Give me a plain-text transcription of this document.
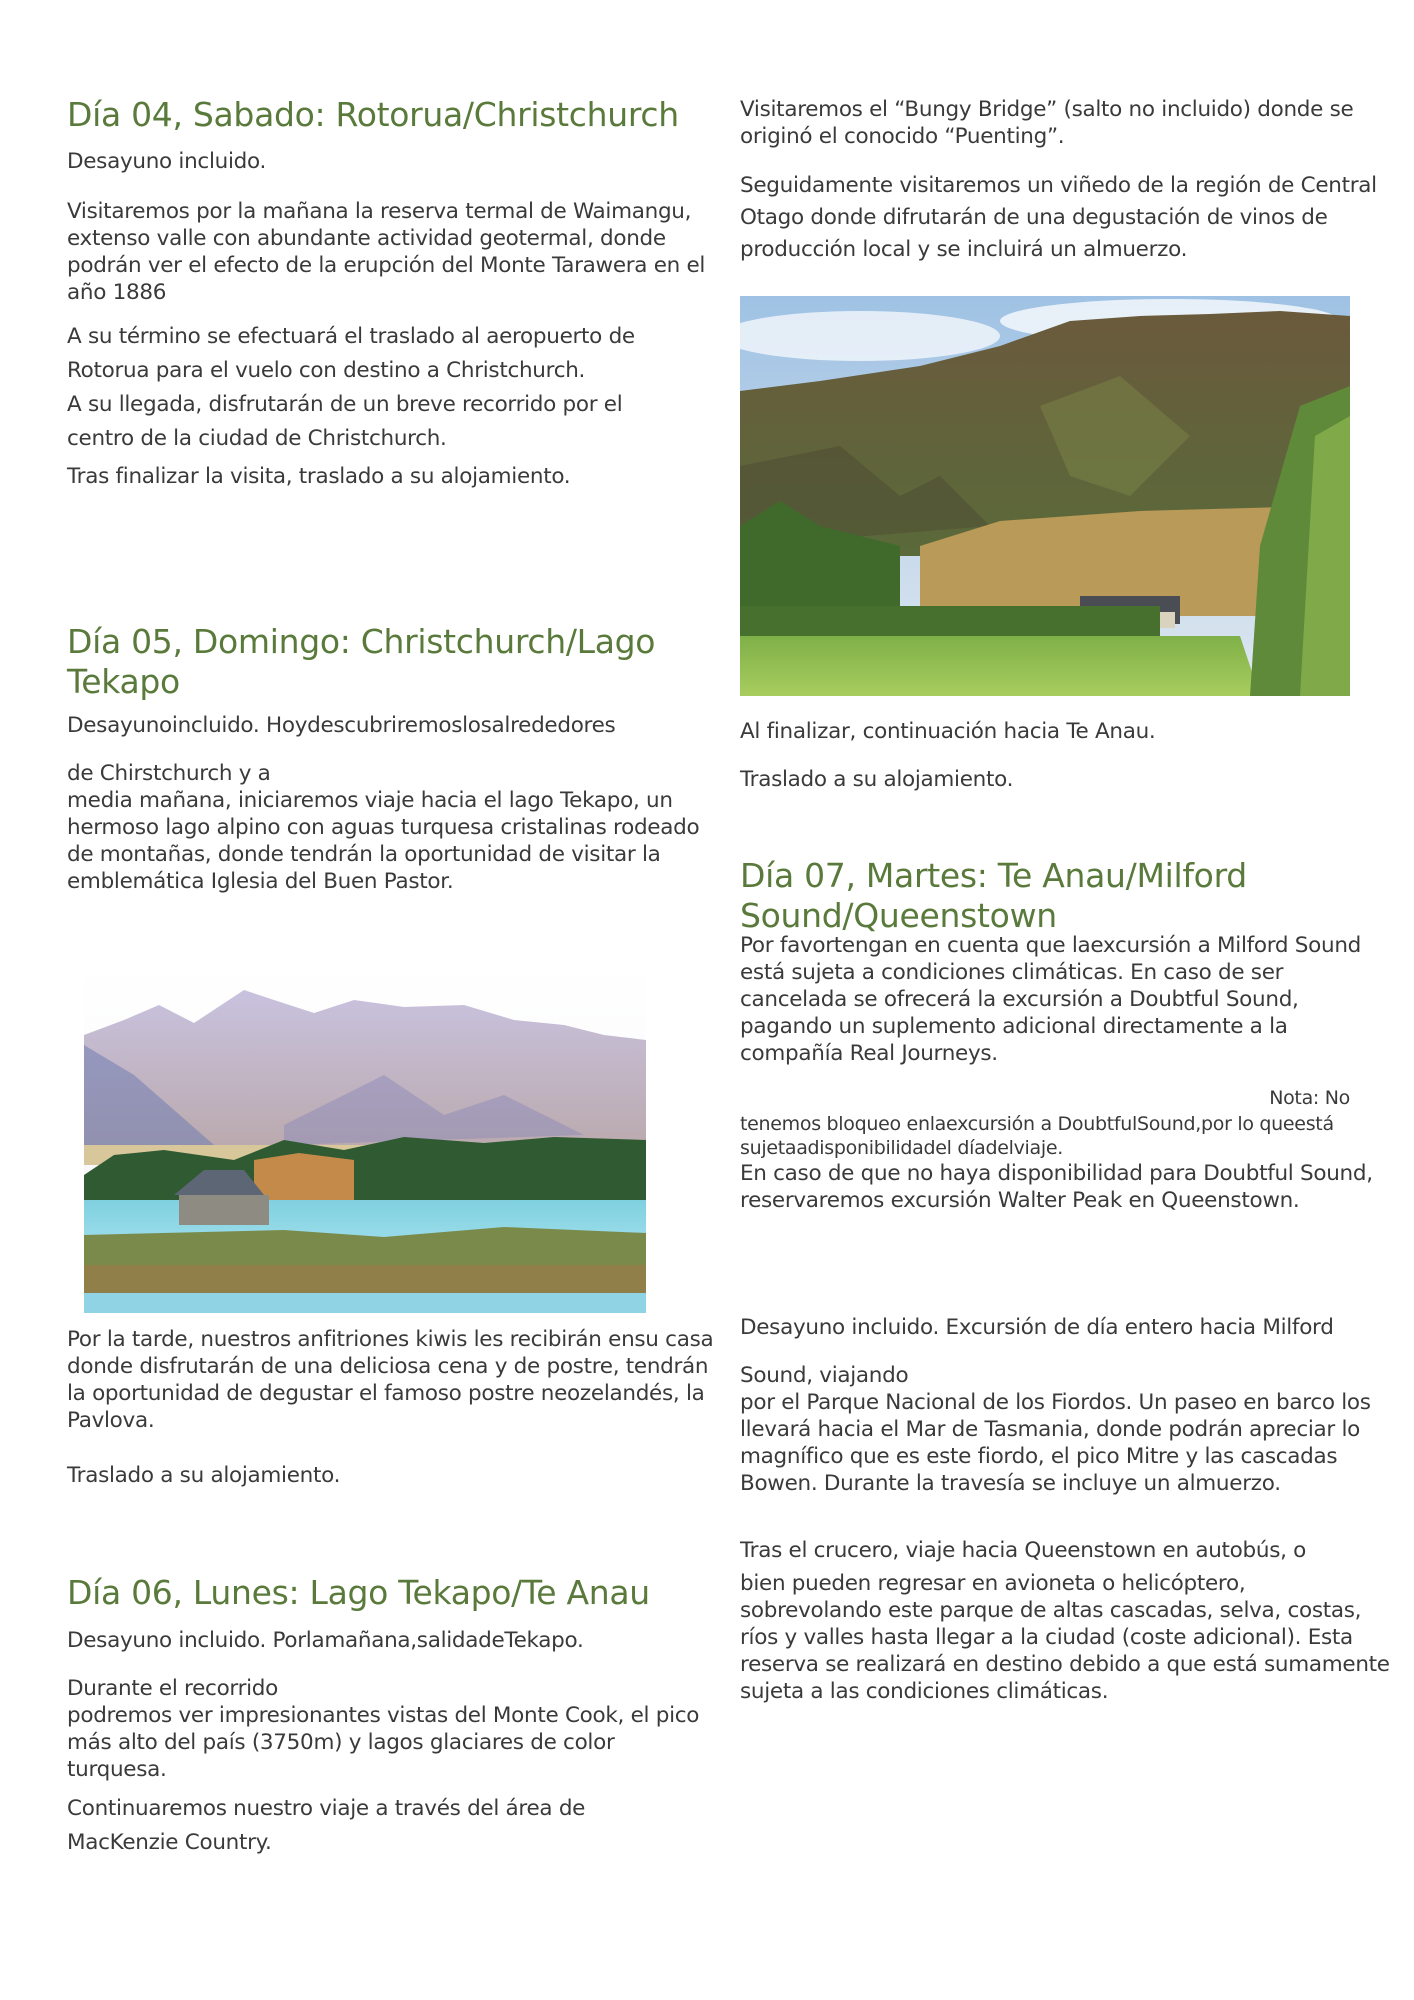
Día 04, Sabado: Rotorua/Christchurch

Desayuno incluido.

Visitaremos por la mañana la reserva termal de Waimangu, extenso valle con abundante actividad geotermal, donde podrán ver el efecto de la erupción del Monte Tarawera en el año 1886

A su término se efectuará el traslado al aeropuerto de
Rotorua para el vuelo con destino a Christchurch.

A su llegada, disfrutarán de un breve recorrido por el
centro de la ciudad de Christchurch.

Tras finalizar la visita, traslado a su alojamiento.

Día 05, Domingo: Christchurch/Lago
Tekapo

Desayunoincluido. Hoydescubriremoslosalrededores

de Chirstchurch y a
media mañana, iniciaremos viaje hacia el lago Tekapo, un hermoso lago alpino con aguas turquesa cristalinas rodeado de montañas, donde tendrán la oportunidad de visitar la emblemática Iglesia del Buen Pastor.

Por la tarde, nuestros anfitriones kiwis les recibirán ensu casa donde disfrutarán de una deliciosa cena y de postre, tendrán la oportunidad de degustar el famoso postre neozelandés, la Pavlova.

Traslado a su alojamiento.

Día 06, Lunes: Lago Tekapo/Te Anau

Desayuno incluido. Porlamañana,salidadeTekapo.

Durante el recorrido
podremos ver impresionantes vistas del Monte Cook, el pico más alto del país (3750m) y lagos glaciares de color turquesa.

Continuaremos nuestro viaje a través del área de
MacKenzie Country.

Visitaremos el “Bungy Bridge” (salto no incluido) donde se originó el conocido “Puenting”.

Seguidamente visitaremos un viñedo de la región de Central Otago donde difrutarán de una degustación de vinos de producción local y se incluirá un almuerzo.

Al finalizar, continuación hacia Te Anau.

Traslado a su alojamiento.

Día 07, Martes: Te Anau/Milford
Sound/Queenstown

Por favortengan en cuenta que laexcursión a Milford Sound está sujeta a condiciones climáticas. En caso de ser cancelada se ofrecerá la excursión a Doubtful Sound, pagando un suplemento adicional directamente a la compañía Real Journeys.

Nota: No

tenemos bloqueo enlaexcursión a DoubtfulSound,por lo queestá sujetaadisponibilidadel díadelviaje.

En caso de que no haya disponibilidad para Doubtful Sound, reservaremos excursión Walter Peak en Queenstown.

Desayuno incluido. Excursión de día entero hacia Milford

Sound, viajando
por el Parque Nacional de los Fiordos. Un paseo en barco los llevará hacia el Mar de Tasmania, donde podrán apreciar lo magnífico que es este fiordo, el pico Mitre y las cascadas Bowen. Durante la travesía se incluye un almuerzo.

Tras el crucero, viaje hacia Queenstown en autobús, o

bien pueden regresar en avioneta o helicóptero, sobrevolando este parque de altas cascadas, selva, costas, ríos y valles hasta llegar a la ciudad (coste adicional). Esta reserva se realizará en destino debido a que está sumamente sujeta a las condiciones climáticas.
